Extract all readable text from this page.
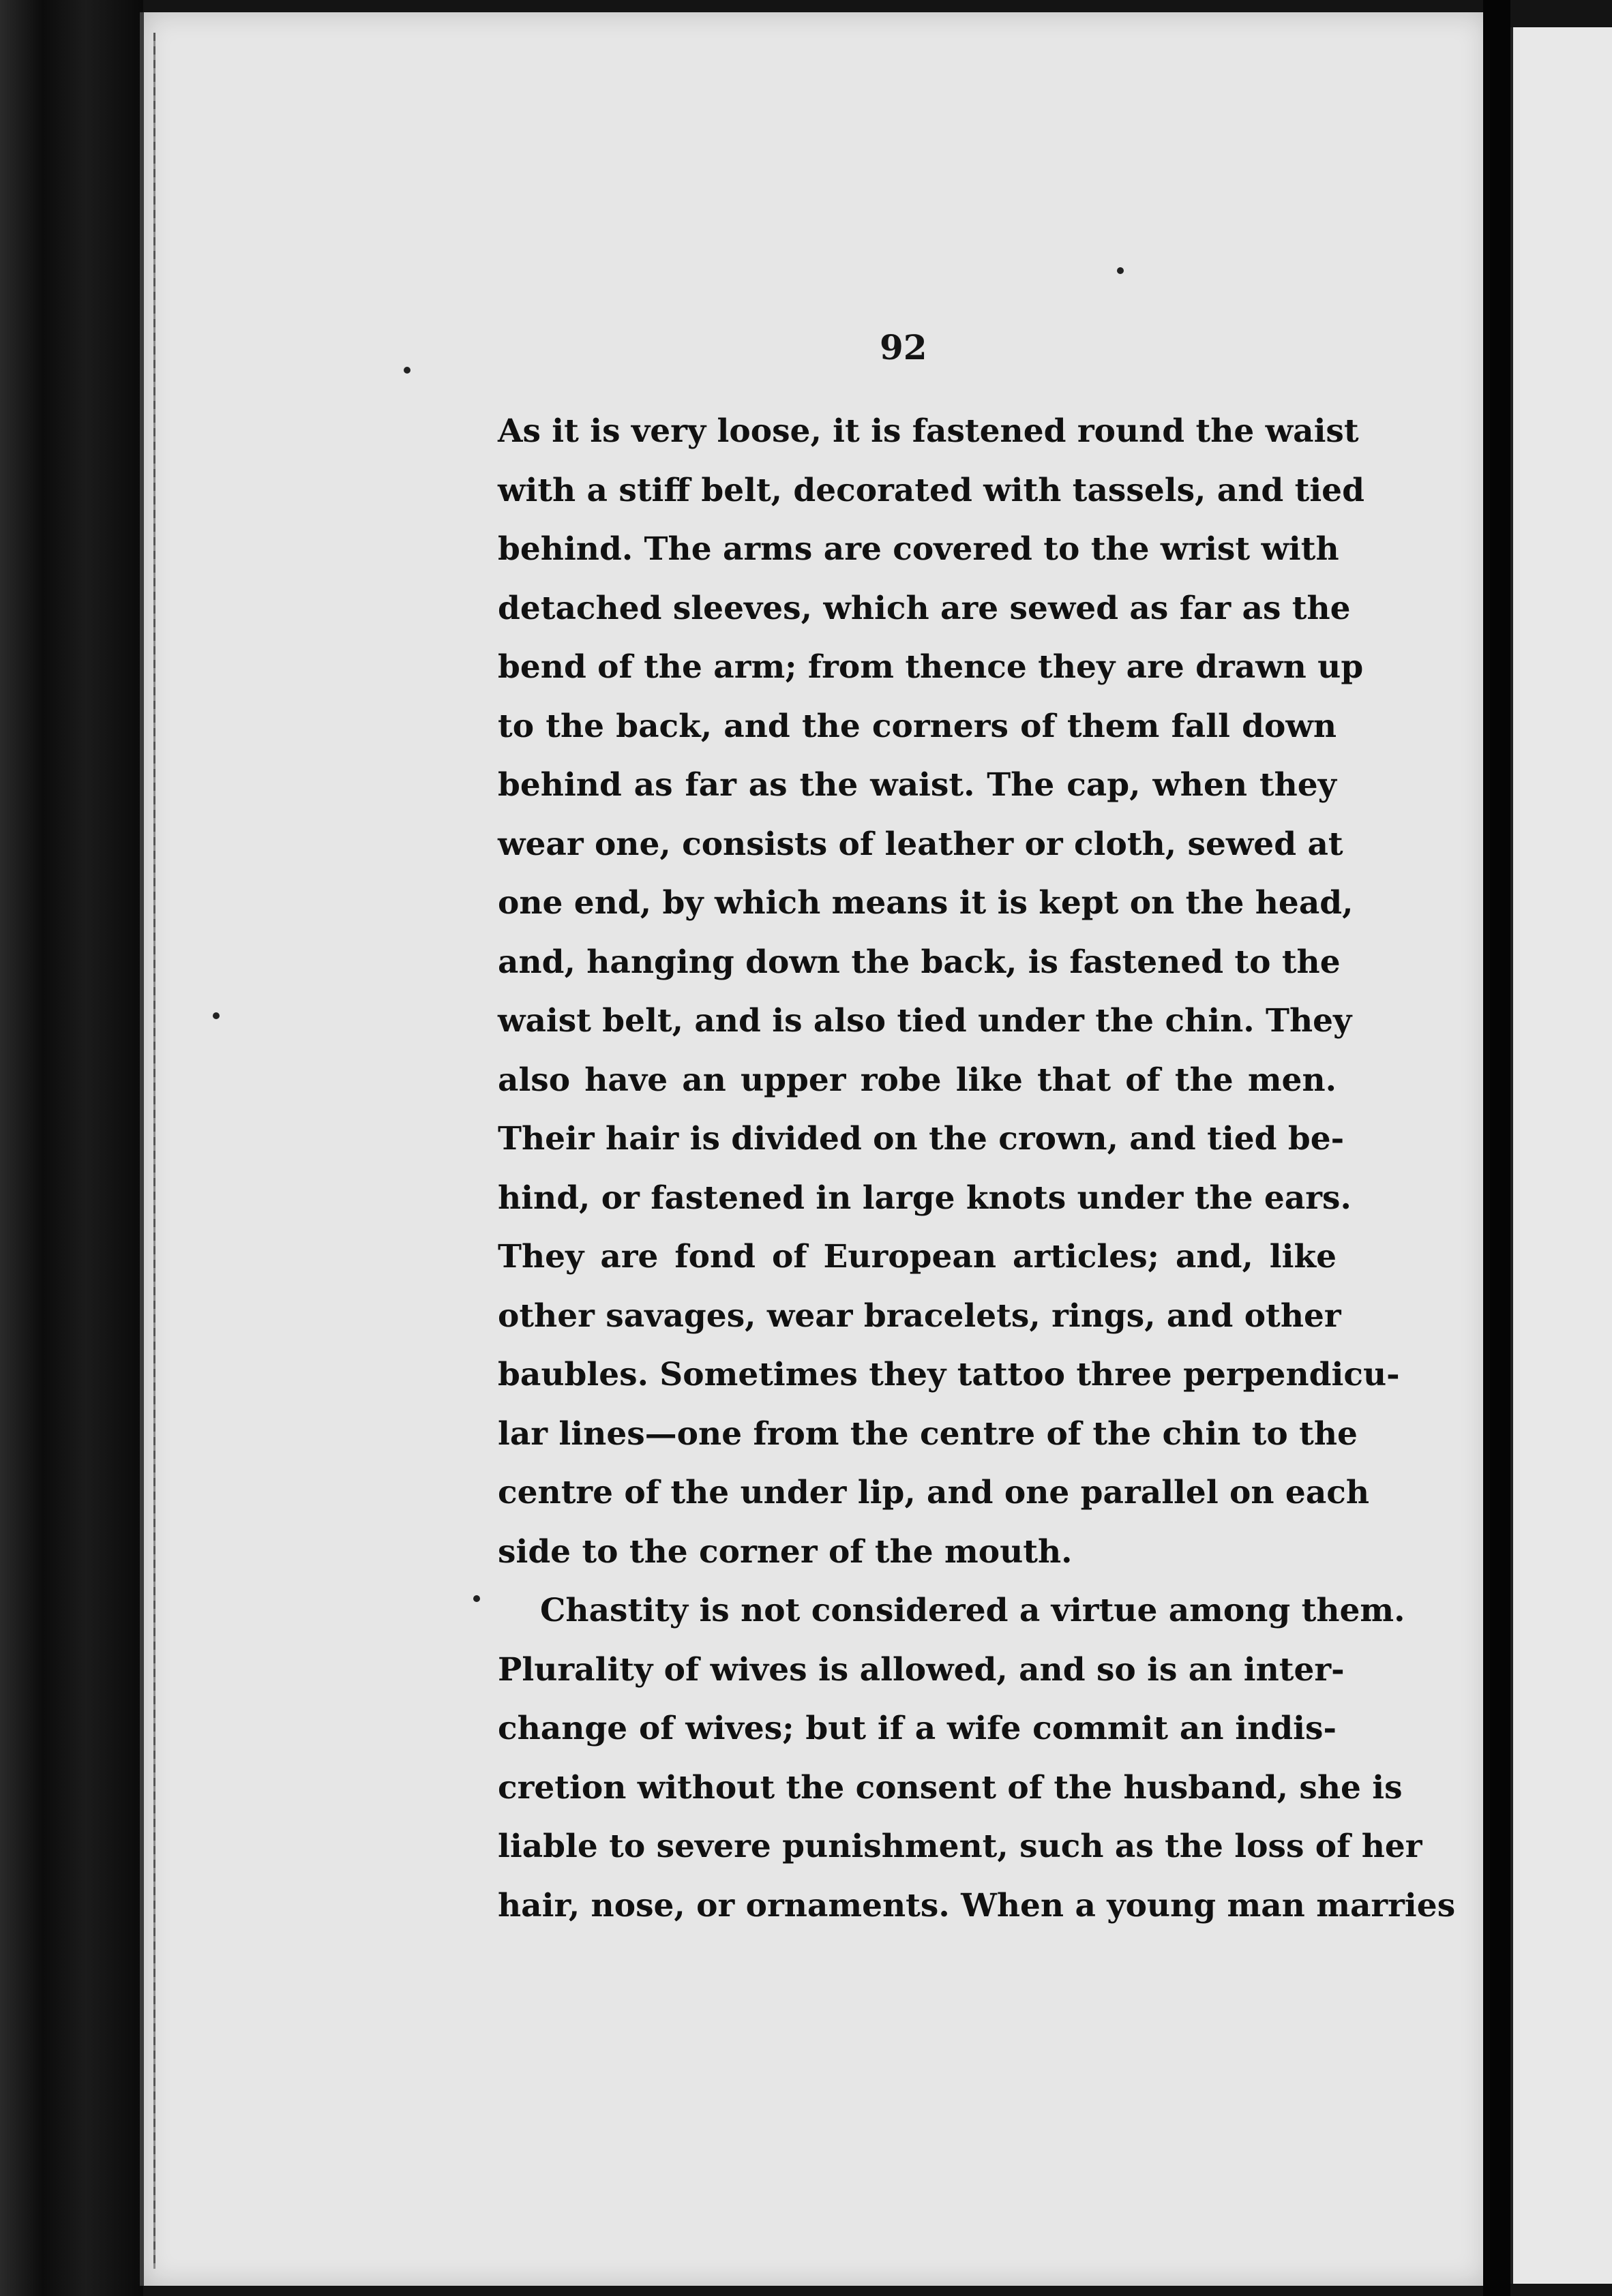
92

As it is very loose, it is fastened round the waist
with a stiff belt, decorated with tassels, and tied
behind. The arms are covered to the wrist with
detached sleeves, which are sewed as far as the
bend of the arm; from thence they are drawn up
to the back, and the corners of them fall down
behind as far as the waist. The cap, when they
wear one, consists of leather or cloth, sewed at
one end, by which means it is kept on the head,
and, hanging down the back, is fastened to the
waist belt, and is also tied under the chin. They
also have an upper robe like that of the men.
Their hair is divided on the crown, and tied be-
hind, or fastened in large knots under the ears.
They are fond of European articles; and, like
other savages, wear bracelets, rings, and other
baubles. Sometimes they tattoo three perpendicu-
lar lines—one from the centre of the chin to the
centre of the under lip, and one parallel on each
side to the corner of the mouth.
Chastity is not considered a virtue among them.
Plurality of wives is allowed, and so is an inter-
change of wives; but if a wife commit an indis-
cretion without the consent of the husband, she is
liable to severe punishment, such as the loss of her
hair, nose, or ornaments. When a young man marries
